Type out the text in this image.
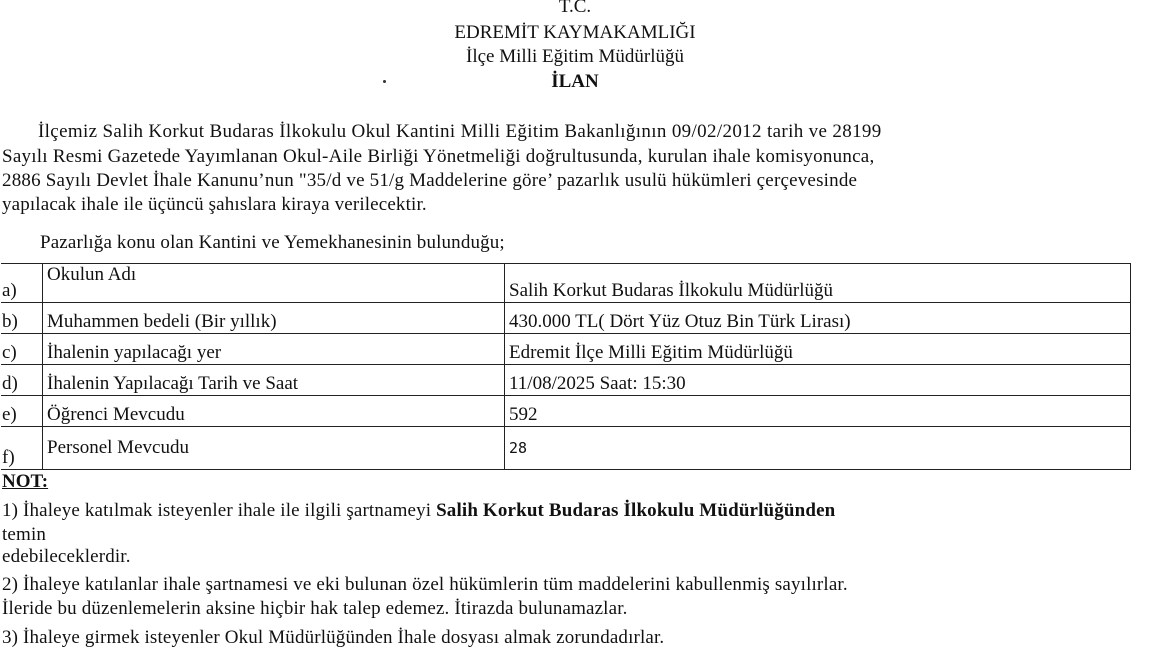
T.C.
EDREMİT KAYMAKAMLIĞI
İlçe Milli Eğitim Müdürlüğü
İLAN
İlçemiz Salih Korkut Budaras İlkokulu Okul Kantini Milli Eğitim Bakanlığının 09/02/2012 tarih ve 28199
Sayılı Resmi Gazetede Yayımlanan Okul-Aile Birliği Yönetmeliği doğrultusunda, kurulan ihale komisyonunca,
2886 Sayılı Devlet İhale Kanunu’nun "35/d ve 51/g Maddelerine göre’ pazarlık usulü hükümleri çerçevesinde
yapılacak ihale ile üçüncü şahıslara kiraya verilecektir.
Pazarlığa konu olan Kantini ve Yemekhanesinin bulunduğu;
a)	Okulun Adı	Salih Korkut Budaras İlkokulu Müdürlüğü
b)	Muhammen bedeli (Bir yıllık)	430.000 TL( Dört Yüz Otuz Bin Türk Lirası)
c)	İhalenin yapılacağı yer	Edremit İlçe Milli Eğitim Müdürlüğü
d)	İhalenin Yapılacağı Tarih ve Saat	11/08/2025 Saat: 15:30
e)	Öğrenci Mevcudu	592
f)	Personel Mevcudu	28
NOT:
1) İhaleye katılmak isteyenler ihale ile ilgili şartnameyi Salih Korkut Budaras İlkokulu Müdürlüğünden
temin
edebileceklerdir.
2) İhaleye katılanlar ihale şartnamesi ve eki bulunan özel hükümlerin tüm maddelerini kabullenmiş sayılırlar.
İleride bu düzenlemelerin aksine hiçbir hak talep edemez. İtirazda bulunamazlar.
3) İhaleye girmek isteyenler Okul Müdürlüğünden İhale dosyası almak zorundadırlar.
